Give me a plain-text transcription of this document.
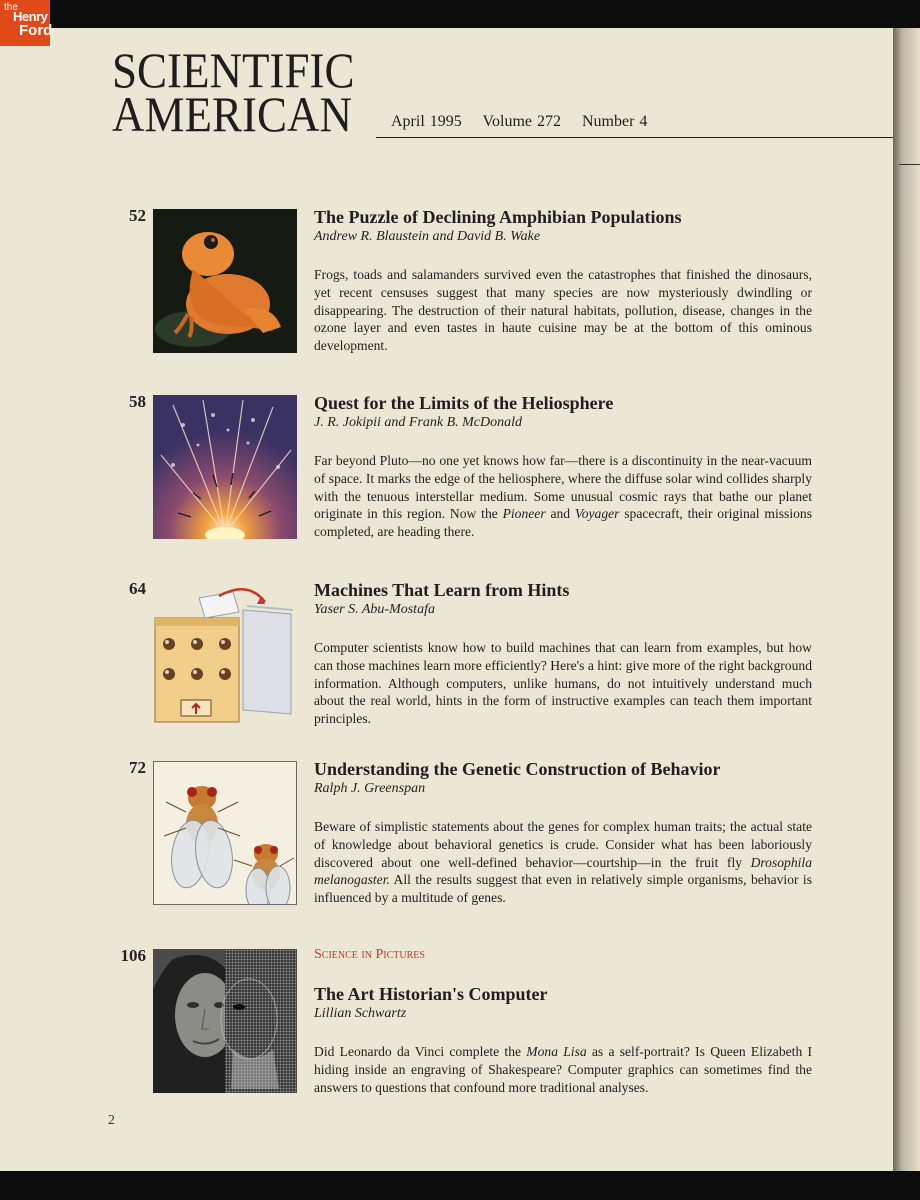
the
Henry
Ford
SCIENTIFIC
AMERICAN April 1995 Volume 272 Number 4
52	The Puzzle of Declining Amphibian Populations
Andrew R. Blaustein and David B. Wake
Frogs, toads and salamanders survived even the catastrophes that finished the dinosaurs, yet recent censuses suggest that many species are now mysteriously dwindling or disappearing. The destruction of their natural habitats, pollution, disease, changes in the ozone layer and even tastes in haute cuisine may be at the bottom of this ominous development.
58	Quest for the Limits of the Heliosphere
J. R. Jokipii and Frank B. McDonald
Far beyond Pluto—no one yet knows how far—there is a discontinuity in the near-vacuum of space. It marks the edge of the heliosphere, where the diffuse solar wind collides sharply with the tenuous interstellar medium. Some unusual cosmic rays that bathe our planet originate in this region. Now the Pioneer and Voyager spacecraft, their original missions completed, are heading there.
64	Machines That Learn from Hints
Yaser S. Abu-Mostafa
Computer scientists know how to build machines that can learn from examples, but how can those machines learn more efficiently? Here's a hint: give more of the right background information. Although computers, unlike humans, do not intuitively understand much about the real world, hints in the form of instructive examples can teach them important principles.
72	Understanding the Genetic Construction of Behavior
Ralph J. Greenspan
Beware of simplistic statements about the genes for complex human traits; the actual state of knowledge about behavioral genetics is crude. Consider what has been laboriously discovered about one well-defined behavior—courtship—in the fruit fly Drosophila melanogaster. All the results suggest that even in relatively simple organisms, behavior is influenced by a multitude of genes.
106	Science in Pictures
The Art Historian's Computer
Lillian Schwartz
Did Leonardo da Vinci complete the Mona Lisa as a self-portrait? Is Queen Elizabeth I hiding inside an engraving of Shakespeare? Computer graphics can sometimes find the answers to questions that confound more traditional analyses.
2
